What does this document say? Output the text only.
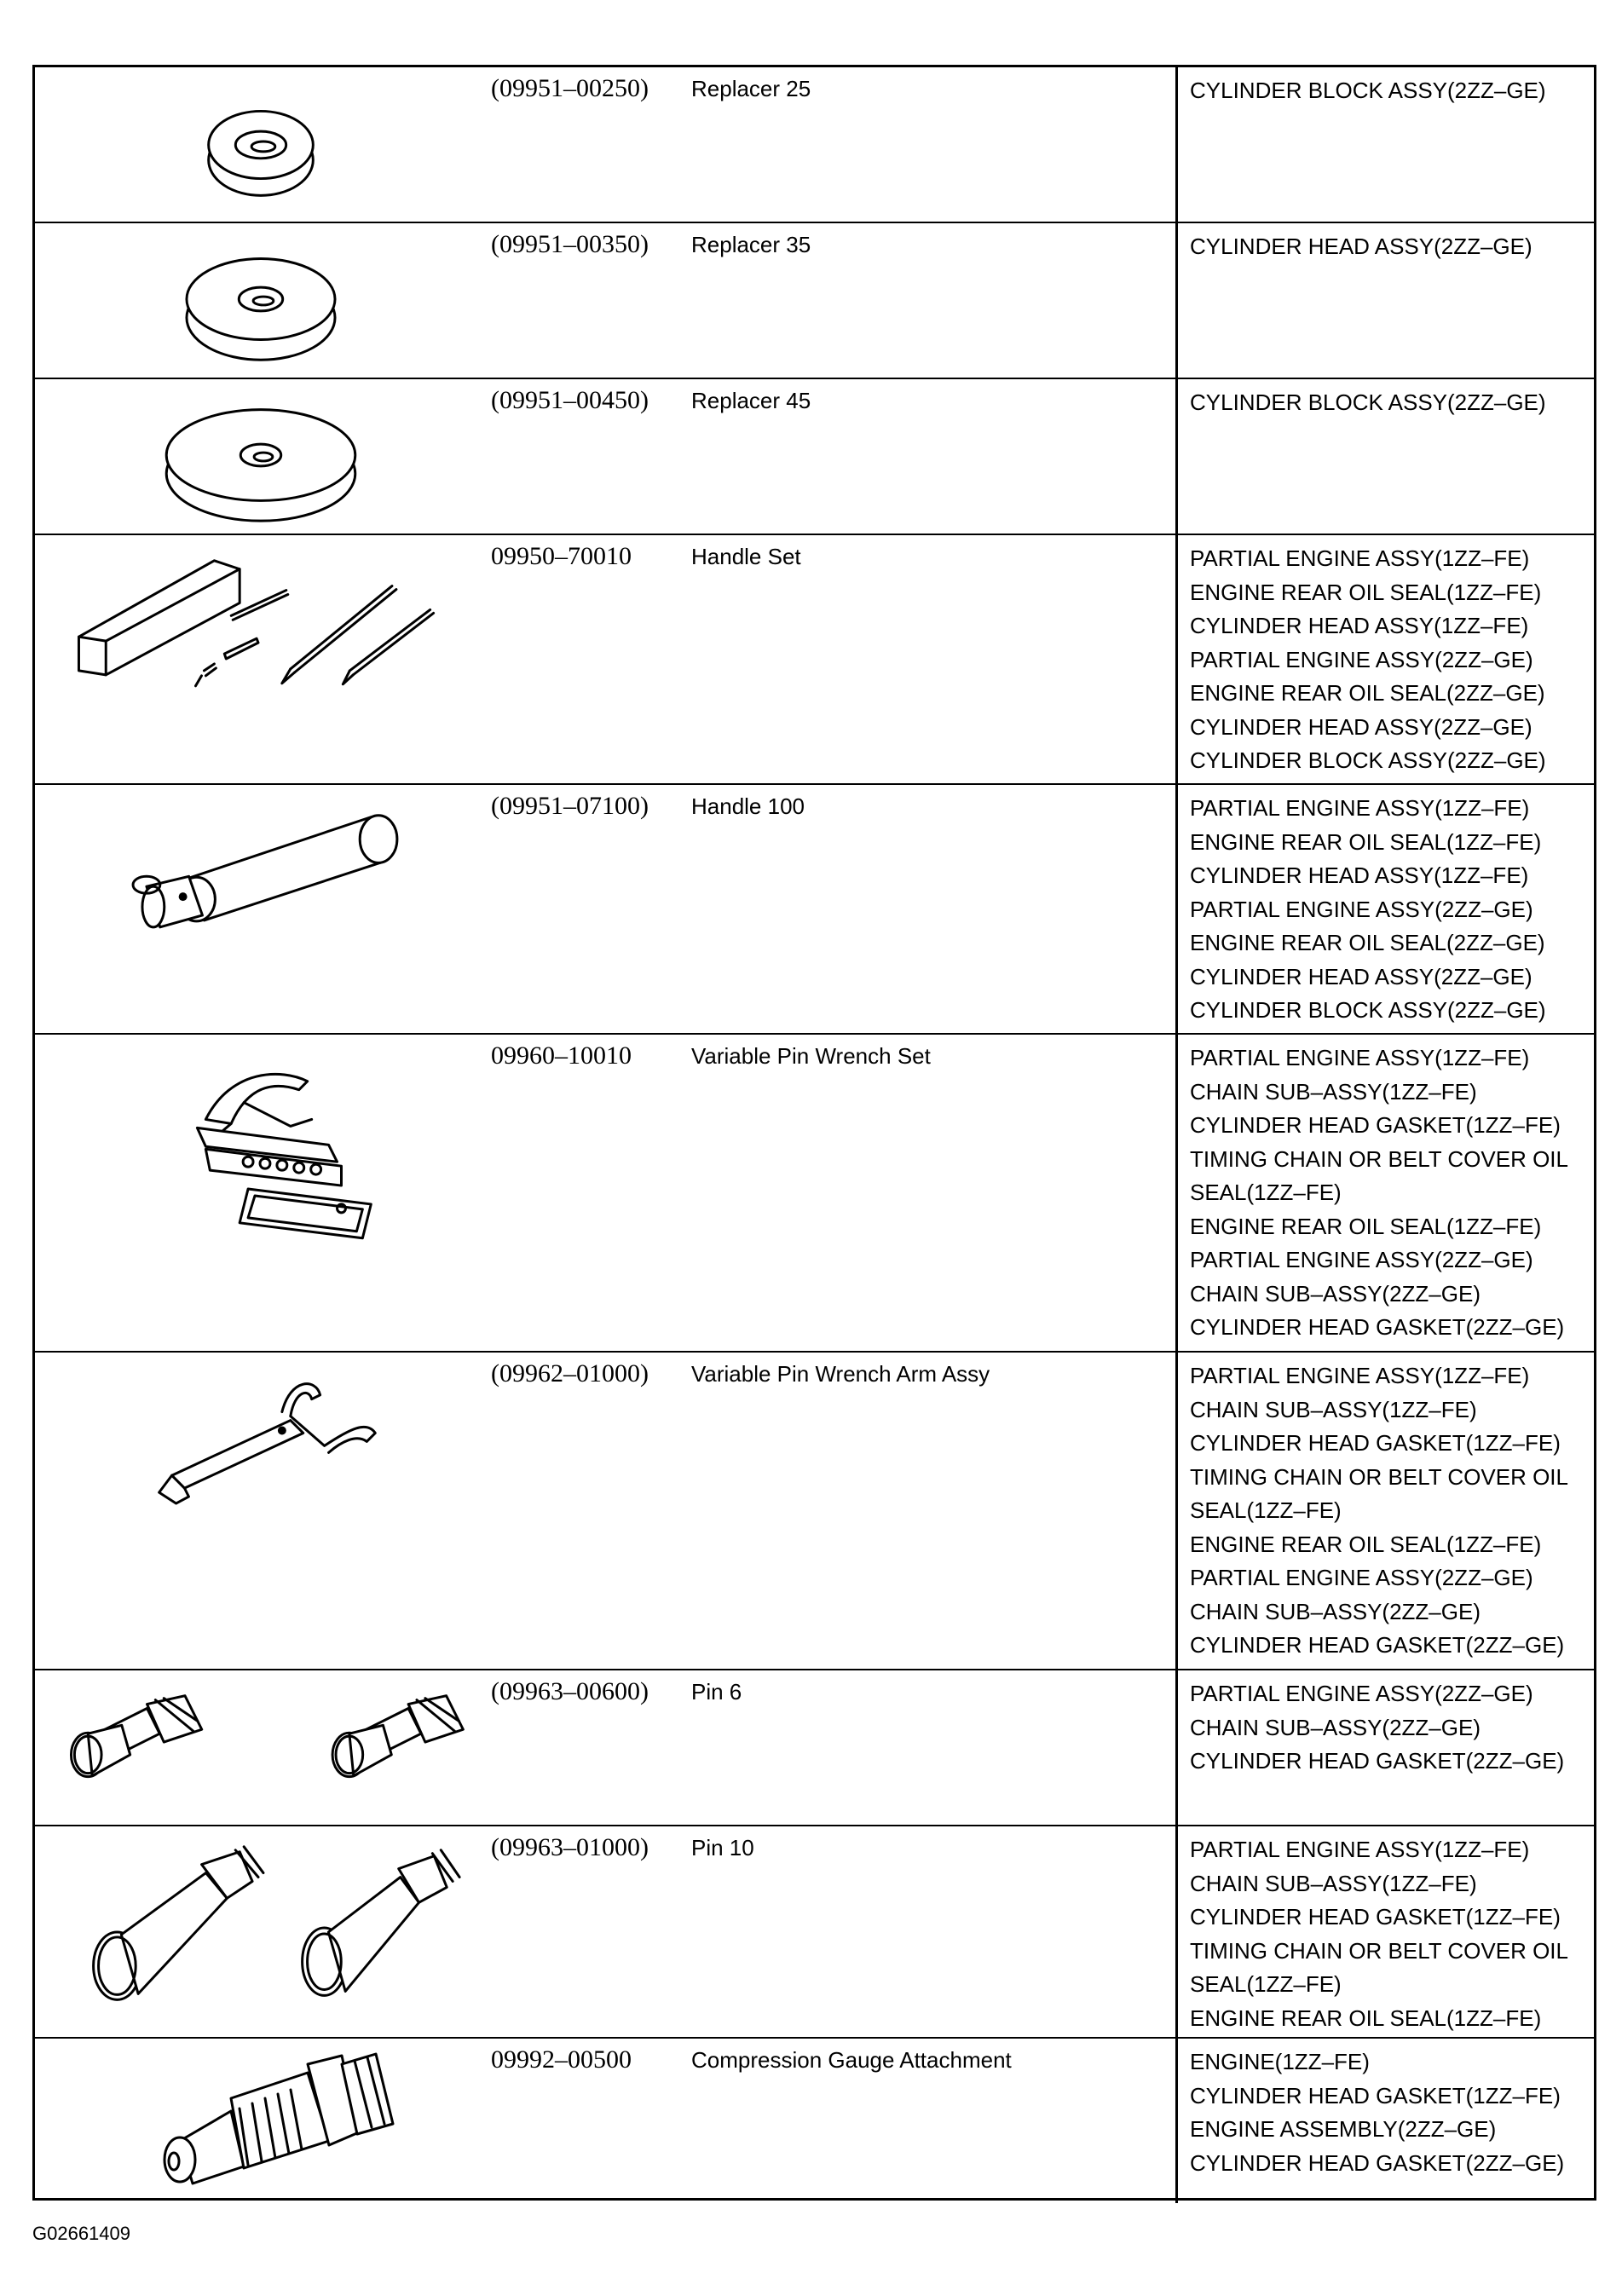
(09951–00250)	Replacer 25	CYLINDER BLOCK ASSY(2ZZ–GE)
(09951–00350)	Replacer 35	CYLINDER HEAD ASSY(2ZZ–GE)
(09951–00450)	Replacer 45	CYLINDER BLOCK ASSY(2ZZ–GE)
09950–70010	Handle Set	PARTIAL ENGINE ASSY(1ZZ–FE)
ENGINE REAR OIL SEAL(1ZZ–FE)
CYLINDER HEAD ASSY(1ZZ–FE)
PARTIAL ENGINE ASSY(2ZZ–GE)
ENGINE REAR OIL SEAL(2ZZ–GE)
CYLINDER HEAD ASSY(2ZZ–GE)
CYLINDER BLOCK ASSY(2ZZ–GE)
(09951–07100)	Handle 100	PARTIAL ENGINE ASSY(1ZZ–FE)
ENGINE REAR OIL SEAL(1ZZ–FE)
CYLINDER HEAD ASSY(1ZZ–FE)
PARTIAL ENGINE ASSY(2ZZ–GE)
ENGINE REAR OIL SEAL(2ZZ–GE)
CYLINDER HEAD ASSY(2ZZ–GE)
CYLINDER BLOCK ASSY(2ZZ–GE)
09960–10010	Variable Pin Wrench Set	PARTIAL ENGINE ASSY(1ZZ–FE)
CHAIN SUB–ASSY(1ZZ–FE)
CYLINDER HEAD GASKET(1ZZ–FE)
TIMING CHAIN OR BELT COVER OIL
SEAL(1ZZ–FE)
ENGINE REAR OIL SEAL(1ZZ–FE)
PARTIAL ENGINE ASSY(2ZZ–GE)
CHAIN SUB–ASSY(2ZZ–GE)
CYLINDER HEAD GASKET(2ZZ–GE)
(09962–01000)	Variable Pin Wrench Arm Assy	PARTIAL ENGINE ASSY(1ZZ–FE)
CHAIN SUB–ASSY(1ZZ–FE)
CYLINDER HEAD GASKET(1ZZ–FE)
TIMING CHAIN OR BELT COVER OIL
SEAL(1ZZ–FE)
ENGINE REAR OIL SEAL(1ZZ–FE)
PARTIAL ENGINE ASSY(2ZZ–GE)
CHAIN SUB–ASSY(2ZZ–GE)
CYLINDER HEAD GASKET(2ZZ–GE)
(09963–00600)	Pin 6	PARTIAL ENGINE ASSY(2ZZ–GE)
CHAIN SUB–ASSY(2ZZ–GE)
CYLINDER HEAD GASKET(2ZZ–GE)
(09963–01000)	Pin 10	PARTIAL ENGINE ASSY(1ZZ–FE)
CHAIN SUB–ASSY(1ZZ–FE)
CYLINDER HEAD GASKET(1ZZ–FE)
TIMING CHAIN OR BELT COVER OIL
SEAL(1ZZ–FE)
ENGINE REAR OIL SEAL(1ZZ–FE)
09992–00500	Compression Gauge Attachment	ENGINE(1ZZ–FE)
CYLINDER HEAD GASKET(1ZZ–FE)
ENGINE ASSEMBLY(2ZZ–GE)
CYLINDER HEAD GASKET(2ZZ–GE)
G02661409
